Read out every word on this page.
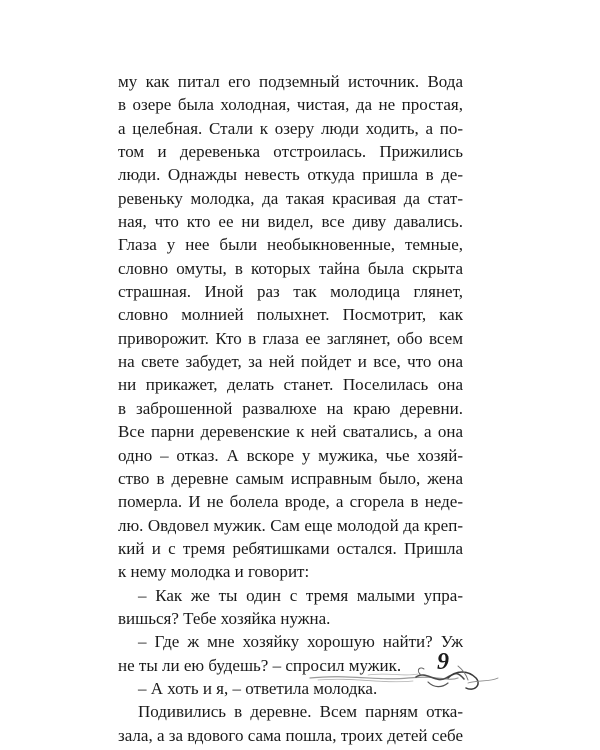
му как питал его подземный источник. Вода
в озере была холодная, чистая, да не простая,
а целебная. Стали к озеру люди ходить, а по-
том и деревенька отстроилась. Прижились
люди. Однажды невесть откуда пришла в де-
ревеньку молодка, да такая красивая да стат-
ная, что кто ее ни видел, все диву давались.
Глаза у нее были необыкновенные, темные,
словно омуты, в которых тайна была скрыта
страшная. Иной раз так молодица глянет,
словно молнией полыхнет. Посмотрит, как
приворожит. Кто в глаза ее заглянет, обо всем
на свете забудет, за ней пойдет и все, что она
ни прикажет, делать станет. Поселилась она
в заброшенной развалюхе на краю деревни.
Все парни деревенские к ней сватались, а она
одно – отказ. А вскоре у мужика, чье хозяй-
ство в деревне самым исправным было, жена
померла. И не болела вроде, а сгорела в неде-
лю. Овдовел мужик. Сам еще молодой да креп-
кий и с тремя ребятишками остался. Пришла
к нему молодка и говорит:
– Как же ты один с тремя малыми упра-
вишься? Тебе хозяйка нужна.
– Где ж мне хозяйку хорошую найти? Уж
не ты ли ею будешь? – спросил мужик.
– А хоть и я, – ответила молодка.
Подивились в деревне. Всем парням отка-
зала, а за вдового сама пошла, троих детей себе
9
